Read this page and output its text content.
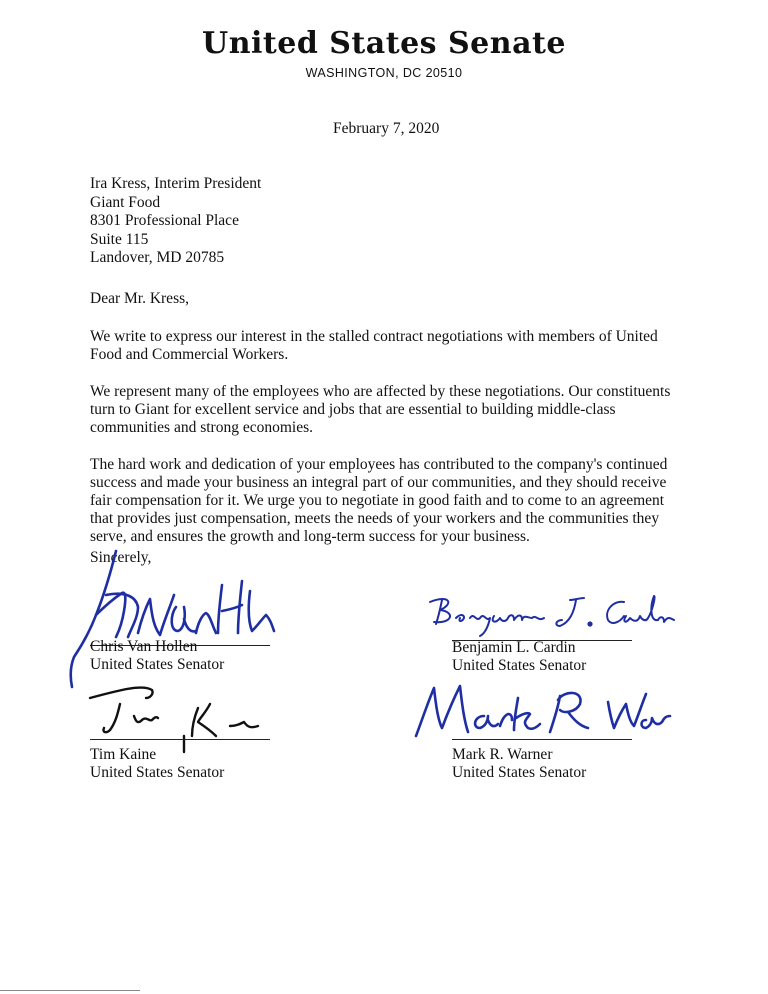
United States Senate
WASHINGTON, DC 20510
February 7, 2020
Ira Kress, Interim President
Giant Food
8301 Professional Place
Suite 115
Landover, MD 20785
Dear Mr. Kress,
We write to express our interest in the stalled contract negotiations with members of United Food and Commercial Workers.
We represent many of the employees who are affected by these negotiations. Our constituents turn to Giant for excellent service and jobs that are essential to building middle-class communities and strong economies.
The hard work and dedication of your employees has contributed to the company's continued success and made your business an integral part of our communities, and they should receive fair compensation for it. We urge you to negotiate in good faith and to come to an agreement that provides just compensation, meets the needs of your workers and the communities they serve, and ensures the growth and long-term success for your business.
Sincerely,
Chris Van Hollen
United States Senator
Benjamin L. Cardin
United States Senator
Tim Kaine
United States Senator
Mark R. Warner
United States Senator
